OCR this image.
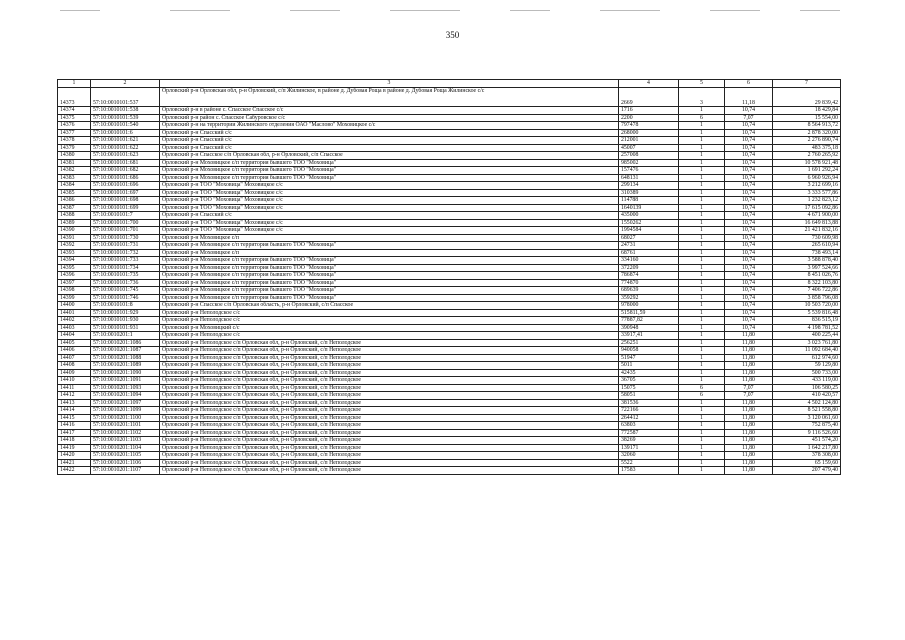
350
1	2	3	4	5	6	7
14373	57:10:0010101:537	Орловский р-н Орловская обл, р-н Орловский, с/п Жилинское, в районе д. Дубовая Роща в районе д. Дубовая Роща Жилинское с/с	2669	3	11,18	29 839,42
14374	57:10:0010101:538	Орловский р-н в районе с. Спасское Спасское с/с	1716	1	10,74	18 429,84
14375	57:10:0010101:539	Орловский р-н район с. Спасское Сабуровское с/с	2200	6	7,07	15 554,00
14376	57:10:0010101:540	Орловский р-н на территории Жилинского отделения ОАО "Маслово" Моховицкое с/с	797478	1	10,74	8 564 913,72
14377	57:10:0010101:6	Орловский р-н Спасский с/с	268000	1	10,74	2 878 320,00
14378	57:10:0010101:621	Орловский р-н Спасский с/с	212001	1	10,74	2 276 890,74
14379	57:10:0010101:622	Орловский р-н Спасский с/с	45007	1	10,74	483 375,18
14380	57:10:0010101:623	Орловский р-н Спасское с/п Орловская обл, р-н Орловский, с/п Спасское	257008	1	10,74	2 760 265,92
14381	57:10:0010101:681	Орловский р-н Моховицкое с/п территория бывшего ТОО "Моховица"	985002	1	10,74	10 578 921,48
14382	57:10:0010101:682	Орловский р-н Моховицкое с/п территория бывшего ТОО "Моховица"	157476	1	10,74	1 691 292,24
14383	57:10:0010101:686	Орловский р-н Моховицкое с/п территория бывшего ТОО "Моховица"	648131	1	10,74	6 960 926,94
14384	57:10:0010101:696	Орловский р-н ТОО "Моховица" Моховицкое с/с	299134	1	10,74	3 212 699,16
14385	57:10:0010101:697	Орловский р-н ТОО "Моховица" Моховицкое с/с	310389	1	10,74	3 333 577,86
14386	57:10:0010101:698	Орловский р-н ТОО "Моховица" Моховицкое с/с	114788	1	10,74	1 232 823,12
14387	57:10:0010101:699	Орловский р-н ТОО "Моховица" Моховицкое с/с	1640139	1	10,74	17 615 092,86
14388	57:10:0010101:7	Орловский р-н Спасский с/с	435000	1	10,74	4 671 900,00
14389	57:10:0010101:700	Орловский р-н ТОО "Моховица" Моховицкое с/с	1550262	1	10,74	16 649 813,88
14390	57:10:0010101:701	Орловский р-н ТОО "Моховица" Моховицкое с/с	1994584	1	10,74	21 421 832,16
14391	57:10:0010101:730	Орловский р-н Моховицкое с/п	68027	1	10,74	730 609,98
14392	57:10:0010101:731	Орловский р-н Моховицкое с/п территория бывшего ТОО "Моховица"	24731	1	10,74	265 610,94
14393	57:10:0010101:732	Орловский р-н Моховицкое с/п	68761	1	10,74	738 493,14
14394	57:10:0010101:733	Орловский р-н Моховицкое с/п территория бывшего ТОО "Моховица"	334160	1	10,74	3 588 878,40
14395	57:10:0010101:734	Орловский р-н Моховицкое с/п территория бывшего ТОО "Моховица"	372209	1	10,74	3 997 524,66
14396	57:10:0010101:735	Орловский р-н Моховицкое с/п территория бывшего ТОО "Моховица"	786874	1	10,74	8 451 026,76
14397	57:10:0010101:736	Орловский р-н Моховицкое с/п территория бывшего ТОО "Моховица"	774870	1	10,74	8 322 103,80
14398	57:10:0010101:745	Орловский р-н Моховицкое с/п территория бывшего ТОО "Моховица"	689639	1	10,74	7 406 722,86
14399	57:10:0010101:746	Орловский р-н Моховицкое с/п территория бывшего ТОО "Моховица"	359292	1	10,74	3 858 796,08
14400	57:10:0010101:8	Орловский р-н Спасское с/п Орловская область, р-н Орловский, с/п Спасское	978000	1	10,74	10 503 720,00
14401	57:10:0010101:929	Орловский р-н Неполодское с/с	515811,59	1	10,74	5 539 816,48
14402	57:10:0010101:930	Орловский р-н Неполодское с/с	77887,82	1	10,74	836 515,19
14403	57:10:0010101:931	Орловский р-н Моховицкий с/с	390948	1	10,74	4 198 781,52
14404	57:10:0010201:1	Орловский р-н Неполодское с/с	33917,41	1	11,80	400 225,44
14405	57:10:0010201:1086	Орловский р-н Неполодское с/п Орловская обл, р-н Орловский, с/п Неполодское	256251	1	11,80	3 023 761,80
14406	57:10:0010201:1087	Орловский р-н Неполодское с/п Орловская обл, р-н Орловский, с/п Неполодское	940058	1	11,80	11 092 684,40
14407	57:10:0010201:1088	Орловский р-н Неполодское с/п Орловская обл, р-н Орловский, с/п Неполодское	51947	1	11,80	612 974,60
14408	57:10:0010201:1089	Орловский р-н Неполодское с/п Орловская обл, р-н Орловский, с/п Неполодское	5011	1	11,80	59 129,80
14409	57:10:0010201:1090	Орловский р-н Неполодское с/п Орловская обл, р-н Орловский, с/п Неполодское	42435	1	11,80	500 733,00
14410	57:10:0010201:1091	Орловский р-н Неполодское с/п Орловская обл, р-н Орловский, с/п Неполодское	36705	1	11,80	433 119,00
14411	57:10:0010201:1093	Орловский р-н Неполодское с/п Орловская обл, р-н Орловский, с/п Неполодское	15075	6	7,07	106 580,25
14412	57:10:0010201:1094	Орловский р-н Неполодское с/п Орловская обл, р-н Орловский, с/п Неполодское	58051	6	7,07	410 420,57
14413	57:10:0010201:1097	Орловский р-н Неполодское с/п Орловская обл, р-н Орловский, с/п Неполодское	381536	1	11,80	4 502 124,80
14414	57:10:0010201:1099	Орловский р-н Неполодское с/п Орловская обл, р-н Орловский, с/п Неполодское	722166	1	11,80	8 521 558,80
14415	57:10:0010201:1100	Орловский р-н Неполодское с/п Орловская обл, р-н Орловский, с/п Неполодское	264412	1	11,80	3 120 061,60
14416	57:10:0010201:1101	Орловский р-н Неполодское с/п Орловская обл, р-н Орловский, с/п Неполодское	63803	1	11,80	752 875,40
14417	57:10:0010201:1102	Орловский р-н Неполодское с/п Орловская обл, р-н Орловский, с/п Неполодское	772587	1	11,80	9 116 526,60
14418	57:10:0010201:1103	Орловский р-н Неполодское с/п Орловская обл, р-н Орловский, с/п Неполодское	38269	1	11,80	451 574,20
14419	57:10:0010201:1104	Орловский р-н Неполодское с/п Орловская обл, р-н Орловский, с/п Неполодское	139171	1	11,80	1 642 217,80
14420	57:10:0010201:1105	Орловский р-н Неполодское с/п Орловская обл, р-н Орловский, с/п Неполодское	32060	1	11,80	378 308,00
14421	57:10:0010201:1106	Орловский р-н Неполодское с/п Орловская обл, р-н Орловский, с/п Неполодское	5522	1	11,80	65 159,60
14422	57:10:0010201:1107	Орловский р-н Неполодское с/п Орловская обл, р-н Орловский, с/п Неполодское	17583	1	11,80	207 479,40
